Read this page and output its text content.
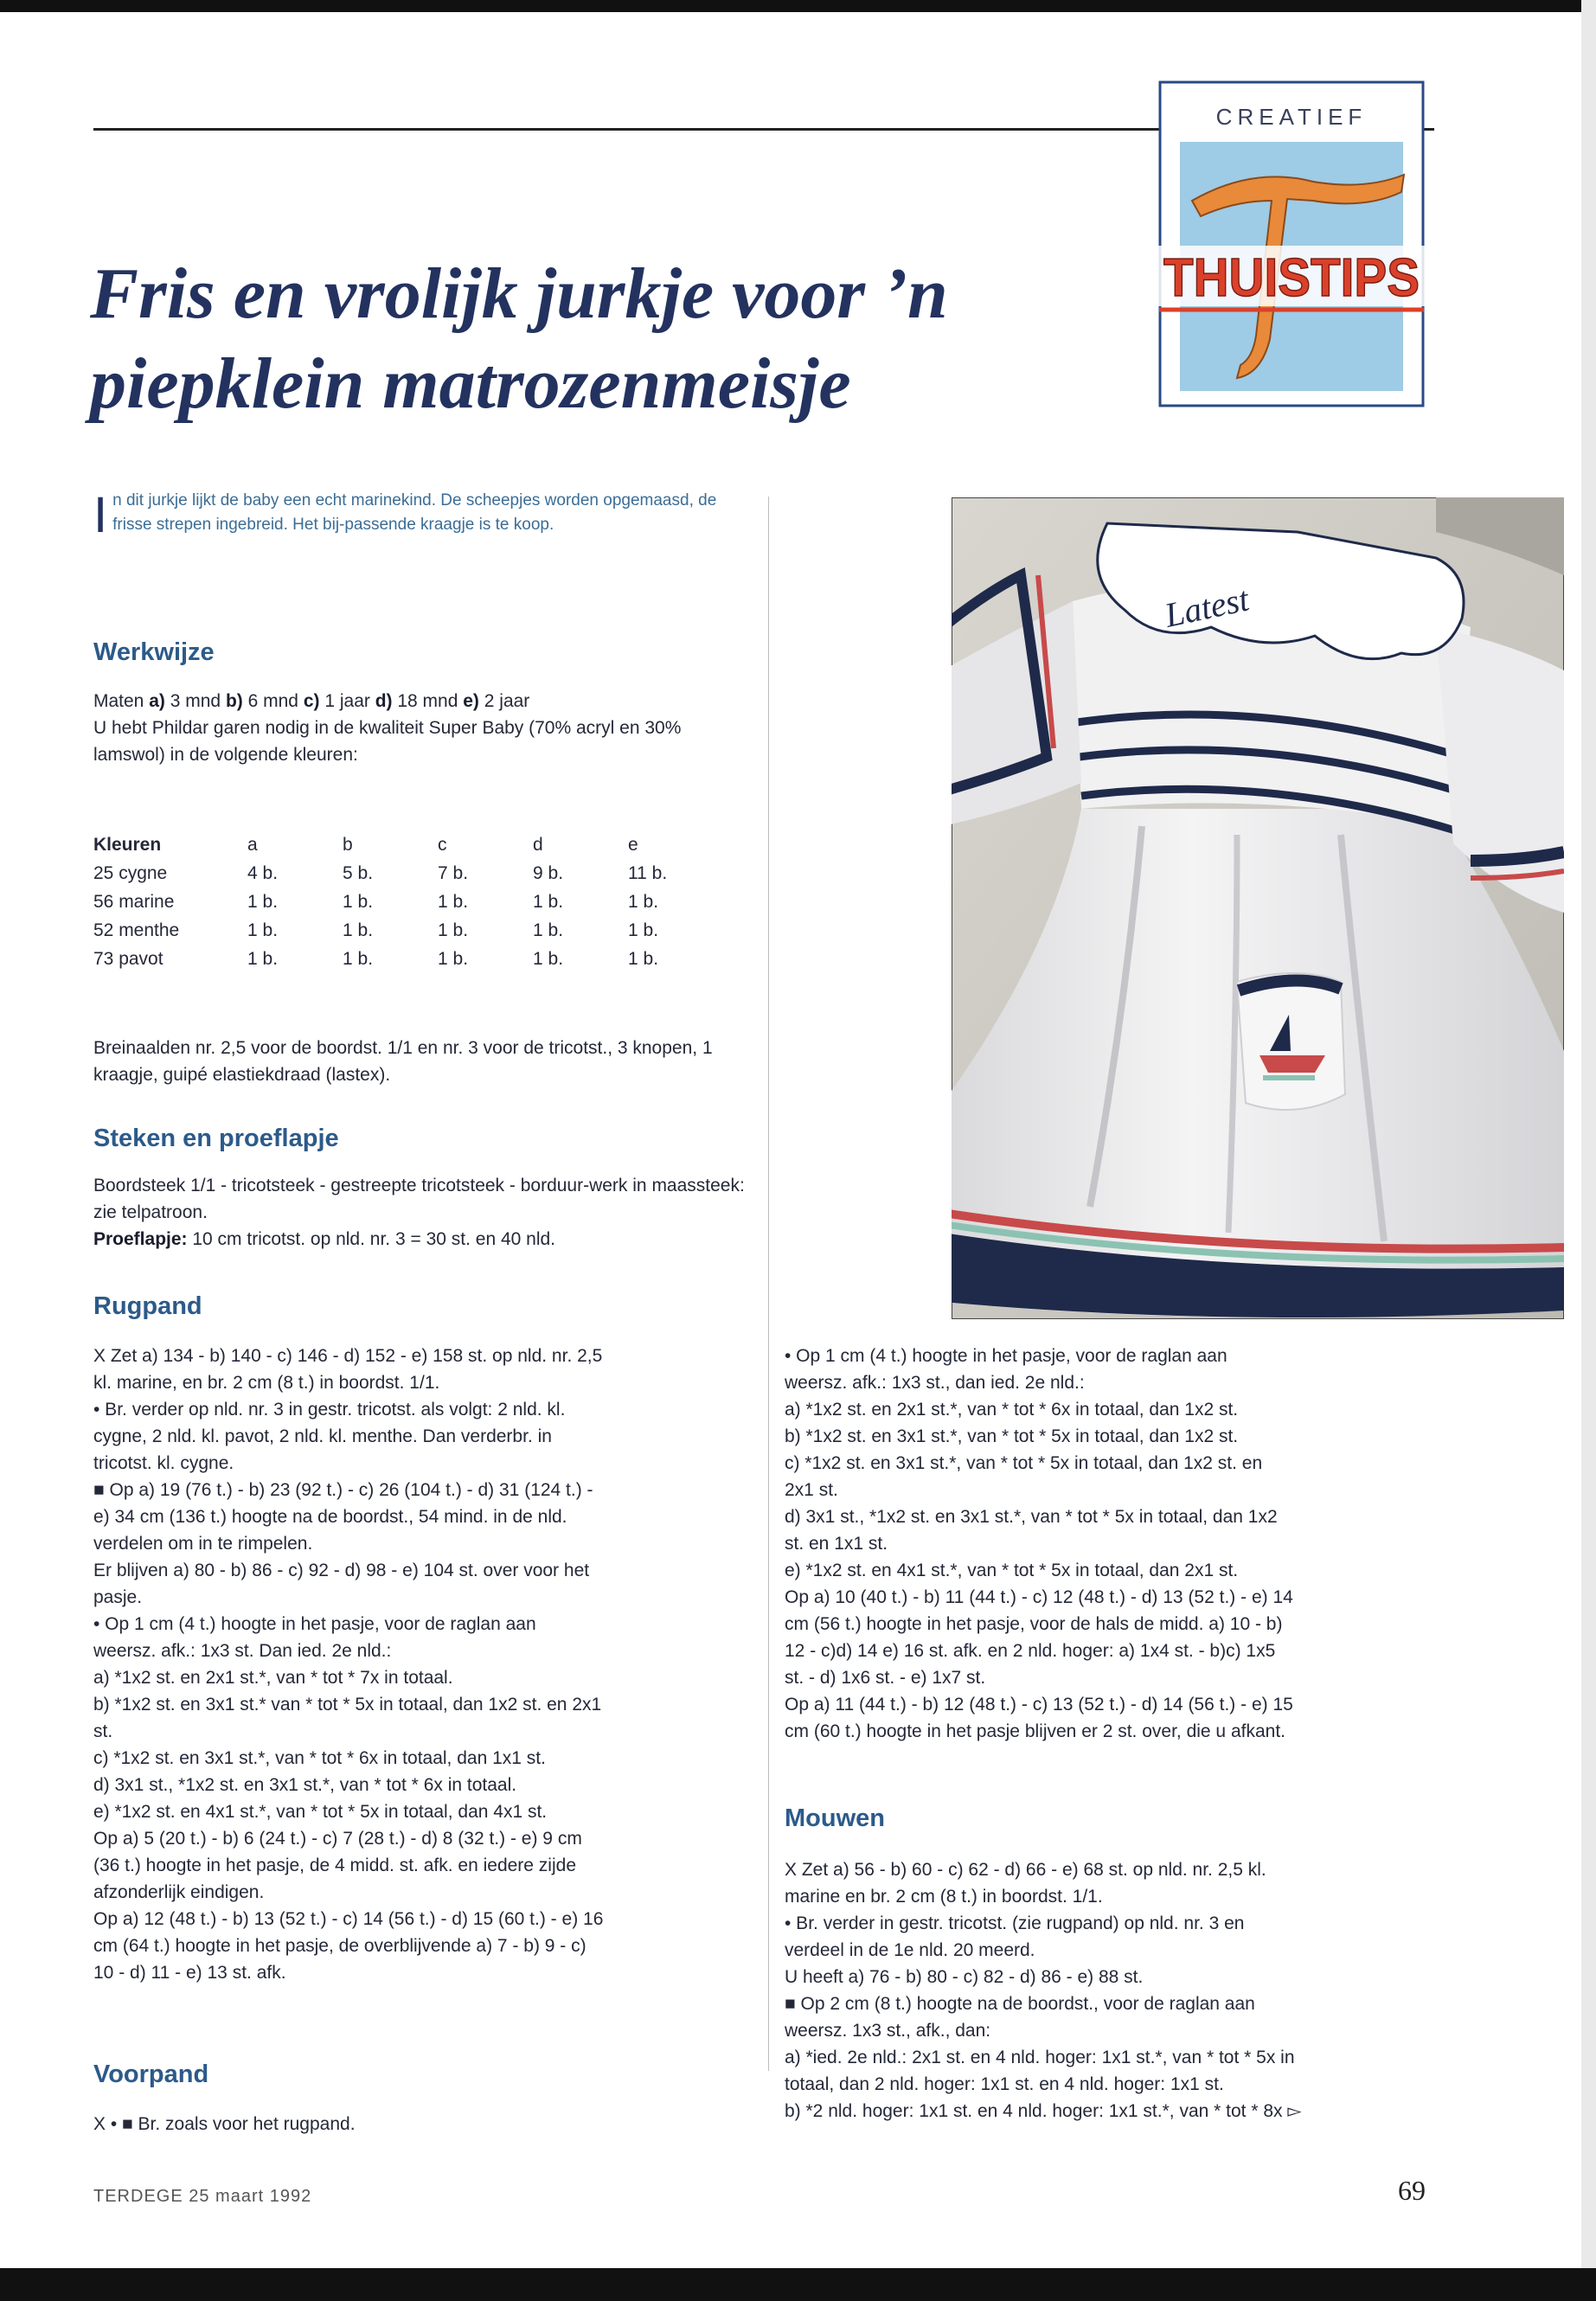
CREATIEF
THUISTIPS
Fris en vrolijk jurkje voor ’n
piepklein matrozenmeisje
In dit jurkje lijkt de baby een echt marinekind. De scheepjes worden opgemaasd, de frisse strepen ingebreid. Het bij-passende kraagje is te koop.
Werkwijze

Maten a) 3 mnd b) 6 mnd c) 1 jaar d) 18 mnd e) 2 jaar

U hebt Phildar garen nodig in de kwaliteit Super Baby (70% acryl en 30% lamswol) in de volgende kleuren:

Kleuren	a	b	c	d	e
25 cygne	4 b.	5 b.	7 b.	9 b.	11 b.
56 marine	1 b.	1 b.	1 b.	1 b.	1 b.
52 menthe	1 b.	1 b.	1 b.	1 b.	1 b.
73 pavot	1 b.	1 b.	1 b.	1 b.	1 b.

Breinaalden nr. 2,5 voor de boordst. 1/1 en nr. 3 voor de tricotst., 3 knopen, 1 kraagje, guipé elastiekdraad (lastex).

Steken en proeflapje

Boordsteek 1/1 - tricotsteek - gestreepte tricotsteek - borduur-werk in maassteek: zie telpatroon.

Proeflapje: 10 cm tricotst. op nld. nr. 3 = 30 st. en 40 nld.

Rugpand
X Zet a) 134 - b) 140 - c) 146 - d) 152 - e) 158 st. op nld. nr. 2,5
kl. marine, en br. 2 cm (8 t.) in boordst. 1/1.
• Br. verder op nld. nr. 3 in gestr. tricotst. als volgt: 2 nld. kl.
cygne, 2 nld. kl. pavot, 2 nld. kl. menthe. Dan verderbr. in
tricotst. kl. cygne.
■ Op a) 19 (76 t.) - b) 23 (92 t.) - c) 26 (104 t.) - d) 31 (124 t.) -
e) 34 cm (136 t.) hoogte na de boordst., 54 mind. in de nld.
verdelen om in te rimpelen.
Er blijven a) 80 - b) 86 - c) 92 - d) 98 - e) 104 st. over voor het
pasje.
• Op 1 cm (4 t.) hoogte in het pasje, voor de raglan aan
weersz. afk.: 1x3 st. Dan ied. 2e nld.:
a) *1x2 st. en 2x1 st.*, van * tot * 7x in totaal.
b) *1x2 st. en 3x1 st.* van * tot * 5x in totaal, dan 1x2 st. en 2x1
st.
c) *1x2 st. en 3x1 st.*, van * tot * 6x in totaal, dan 1x1 st.
d) 3x1 st., *1x2 st. en 3x1 st.*, van * tot * 6x in totaal.
e) *1x2 st. en 4x1 st.*, van * tot * 5x in totaal, dan 4x1 st.
Op a) 5 (20 t.) - b) 6 (24 t.) - c) 7 (28 t.) - d) 8 (32 t.) - e) 9 cm
(36 t.) hoogte in het pasje, de 4 midd. st. afk. en iedere zijde
afzonderlijk eindigen.
Op a) 12 (48 t.) - b) 13 (52 t.) - c) 14 (56 t.) - d) 15 (60 t.) - e) 16
cm (64 t.) hoogte in het pasje, de overblijvende a) 7 - b) 9 - c)
10 - d) 11 - e) 13 st. afk.
Voorpand

X • ■ Br. zoals voor het rugpand.

• Op 1 cm (4 t.) hoogte in het pasje, voor de raglan aan
weersz. afk.: 1x3 st., dan ied. 2e nld.:
a) *1x2 st. en 2x1 st.*, van * tot * 6x in totaal, dan 1x2 st.
b) *1x2 st. en 3x1 st.*, van * tot * 5x in totaal, dan 1x2 st.
c) *1x2 st. en 3x1 st.*, van * tot * 5x in totaal, dan 1x2 st. en
2x1 st.
d) 3x1 st., *1x2 st. en 3x1 st.*, van * tot * 5x in totaal, dan 1x2
st. en 1x1 st.
e) *1x2 st. en 4x1 st.*, van * tot * 5x in totaal, dan 2x1 st.
Op a) 10 (40 t.) - b) 11 (44 t.) - c) 12 (48 t.) - d) 13 (52 t.) - e) 14
cm (56 t.) hoogte in het pasje, voor de hals de midd. a) 10 - b)
12 - c)d) 14 e) 16 st. afk. en 2 nld. hoger: a) 1x4 st. - b)c) 1x5
st. - d) 1x6 st. - e) 1x7 st.
Op a) 11 (44 t.) - b) 12 (48 t.) - c) 13 (52 t.) - d) 14 (56 t.) - e) 15
cm (60 t.) hoogte in het pasje blijven er 2 st. over, die u afkant.
Mouwen
X Zet a) 56 - b) 60 - c) 62 - d) 66 - e) 68 st. op nld. nr. 2,5 kl.
marine en br. 2 cm (8 t.) in boordst. 1/1.
• Br. verder in gestr. tricotst. (zie rugpand) op nld. nr. 3 en
verdeel in de 1e nld. 20 meerd.
U heeft a) 76 - b) 80 - c) 82 - d) 86 - e) 88 st.
■ Op 2 cm (8 t.) hoogte na de boordst., voor de raglan aan
weersz. 1x3 st., afk., dan:
a) *ied. 2e nld.: 2x1 st. en 4 nld. hoger: 1x1 st.*, van * tot * 5x in
totaal, dan 2 nld. hoger: 1x1 st. en 4 nld. hoger: 1x1 st.
b) *2 nld. hoger: 1x1 st. en 4 nld. hoger: 1x1 st.*, van * tot * 8x ▻
Latest
TERDEGE 25 maart 1992	69
